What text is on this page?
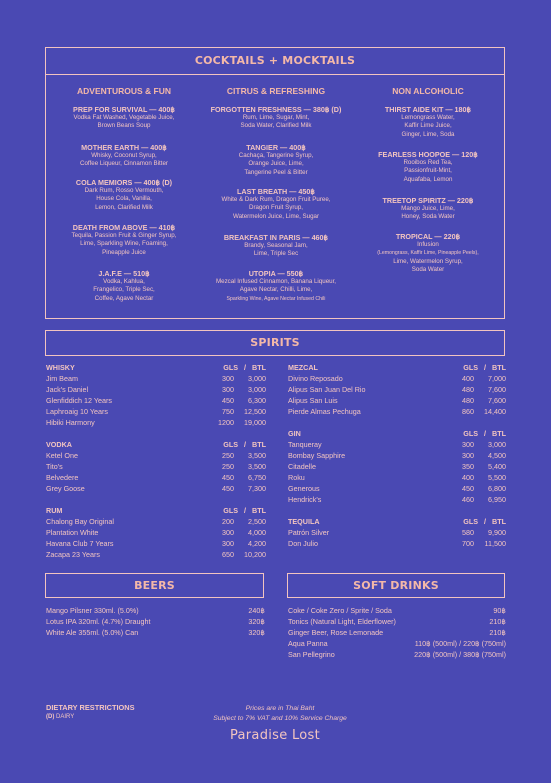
COCKTAILS + MOCKTAILS
ADVENTUROUS & FUN
PREP FOR SURVIVAL — 400฿
Vodka Fat Washed, Vegetable Juice,
Brown Beans Soup
MOTHER EARTH — 400฿
Whisky, Coconut Syrup,
Coffee Liqueur, Cinnamon Bitter
COLA MEMIORS — 400฿ (D)
Dark Rum, Rosso Vermouth,
House Cola, Vanilla,
Lemon, Clarified Milk
DEATH FROM ABOVE — 410฿
Tequila, Passion Fruit & Ginger Syrup,
Lime, Sparkling Wine, Foaming,
Pineapple Juice
J.A.F.E — 510฿
Vodka, Kahlua,
Frangelico, Triple Sec,
Coffee, Agave Nectar
CITRUS & REFRESHING
FORGOTTEN FRESHNESS — 380฿ (D)
Rum, Lime, Sugar, Mint,
Soda Water, Clarified Milk
TANGIER — 400฿
Cachaça, Tangerine Syrup,
Orange Juice, Lime,
Tangerine Peel & Bitter
LAST BREATH — 450฿
White & Dark Rum, Dragon Fruit Puree,
Dragon Fruit Syrup,
Watermelon Juice, Lime, Sugar
BREAKFAST IN PARIS — 460฿
Brandy, Seasonal Jam,
Lime, Triple Sec
UTOPIA — 550฿
Mezcal Infused Cinnamon, Banana Liqueur,
Agave Nectar, Chilli, Lime,
Sparkling Wine, Agave Nectar Infused Chili
NON ALCOHOLIC
THIRST AIDE KIT — 180฿
Lemongrass Water,
Kaffir Lime Juice,
Ginger, Lime, Soda
FEARLESS HOOPOE — 120฿
Rooibos Red Tea,
Passionfruit-Mint,
Aquafaba, Lemon
TREETOP SPIRITZ — 220฿
Mango Juice, Lime,
Honey, Soda Water
TROPICAL — 220฿
Infusion
(Lemongrass, Kaffir Lime, Pineapple Peels),
Lime, Watermelon Syrup,
Soda Water
SPIRITS
WHISKY	GLS / BTL
Jim Beam	300	3,000
Jack's Daniel	300	3,000
Glenfiddich 12 Years	450	6,300
Laphroaig 10 Years	750	12,500
Hibiki Harmony	1200	19,000
VODKA	GLS / BTL
Ketel One	250	3,500
Tito's	250	3,500
Belvedere	450	6,750
Grey Goose	450	7,300
RUM	GLS / BTL
Chalong Bay Original	200	2,500
Plantation White	300	4,000
Havana Club 7 Years	300	4,200
Zacapa 23 Years	650	10,200
MEZCAL	GLS / BTL
Divino Reposado	400	7,000
Alipus San Juan Del Rio	480	7,600
Alipus San Luis	480	7,600
Pierde Almas Pechuga	860	14,400
GIN	GLS / BTL
Tanqueray	300	3,000
Bombay Sapphire	300	4,500
Citadelle	350	5,400
Roku	400	5,500
Generous	450	6,800
Hendrick's	460	6,950
TEQUILA	GLS / BTL
Patrón Silver	580	9,900
Don Julio	700	11,500
BEERS
Mango Pilsner 330ml. (5.0%)	240฿
Lotus IPA 320ml. (4.7%) Draught	320฿
White Ale 355ml. (5.0%) Can	320฿
SOFT DRINKS
Coke / Coke Zero / Sprite / Soda	90฿
Tonics (Natural Light, Elderflower)	210฿
Ginger Beer, Rose Lemonade	210฿
Aqua Panna	110฿ (500ml) / 220฿ (750ml)
San Pellegrino	220฿ (500ml) / 380฿ (750ml)
DIETARY RESTRICTIONS
(D) DAIRY
Prices are in Thai Baht
Subject to 7% VAT and 10% Service Charge
Paradise Lost
